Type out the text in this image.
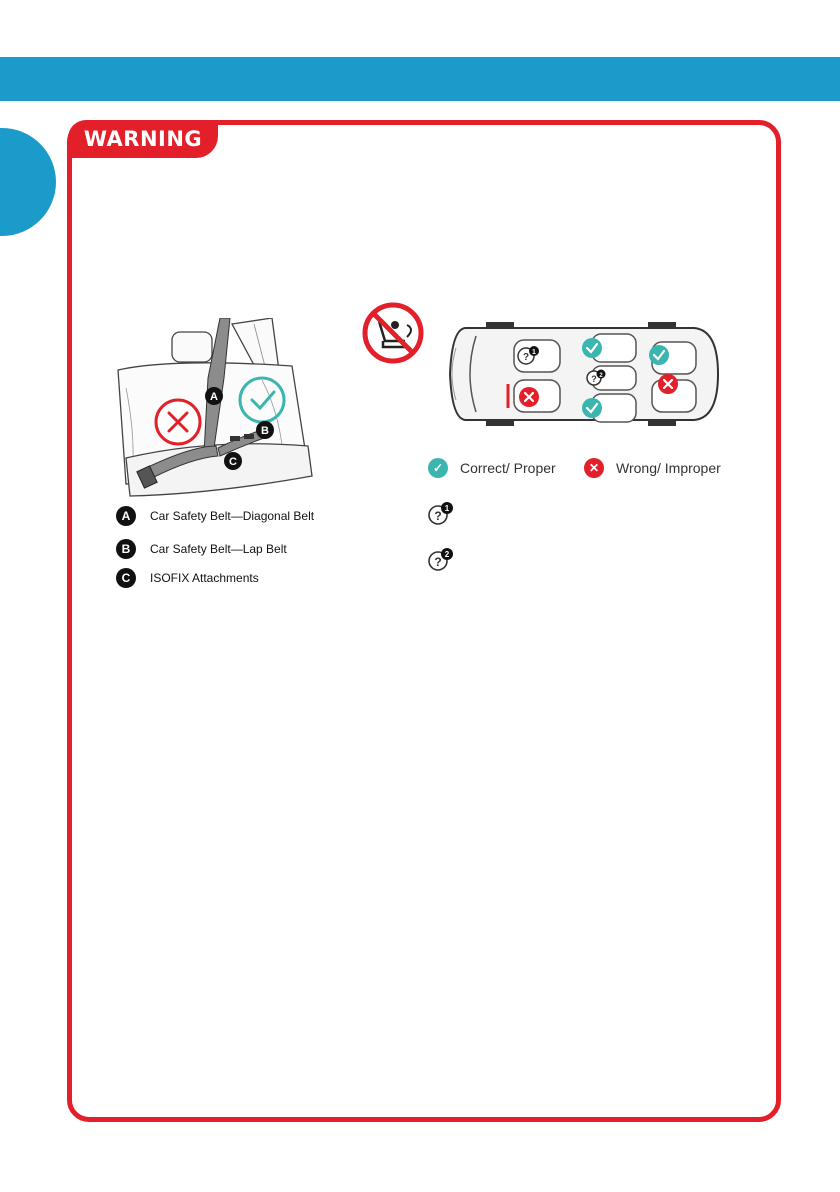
WARNING
A
B
C
A	Car Safety Belt—Diagonal Belt
B	Car Safety Belt—Lap Belt
C	ISOFIX Attachments
? 1
? 2
✓	Correct/ Proper	✕	Wrong/ Improper
?
1
?
2
